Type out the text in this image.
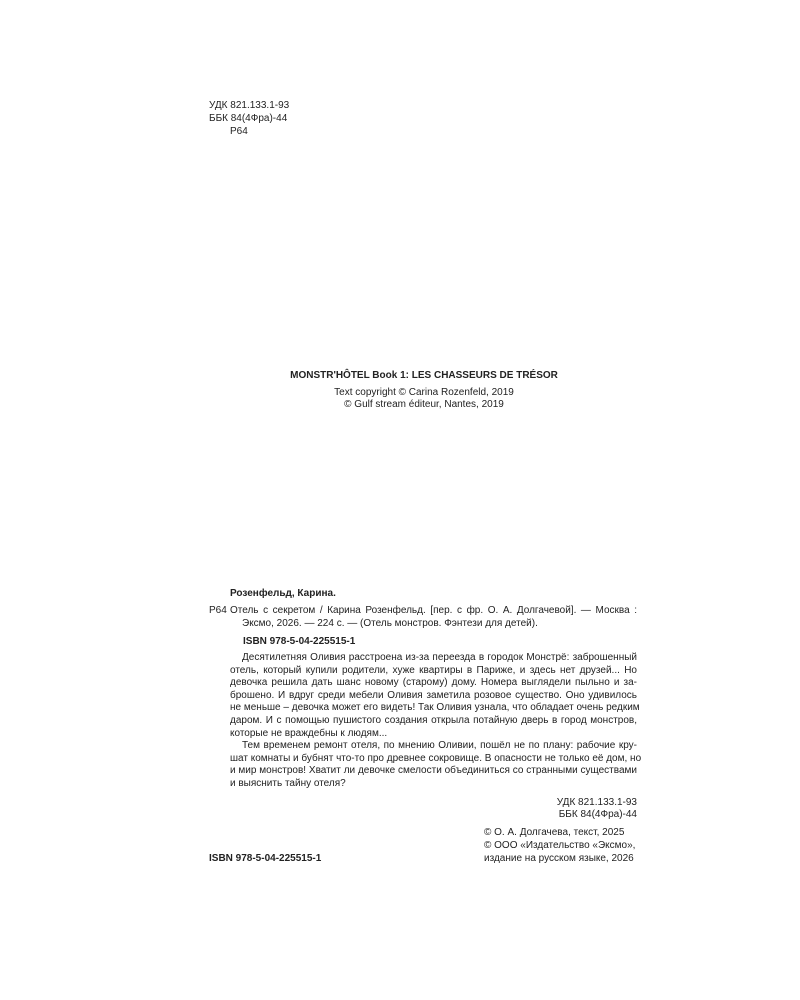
УДК 821.133.1-93
ББК 84(4Фра)-44
Р64
MONSTR'HÔTEL Book 1: LES CHASSEURS DE TRÉSOR
Text copyright © Carina Rozenfeld, 2019
© Gulf stream éditeur, Nantes, 2019
Розенфельд, Карина.
Р64 Отель с секретом / Карина Розенфельд. [пер. с фр. О. А. Долгачевой]. — Москва :
Эксмо, 2026. — 224 с. — (Отель монстров. Фэнтези для детей).
ISBN 978-5-04-225515-1
Десятилетняя Оливия расстроена из-за переезда в городок Монстрё: заброшенный
отель, который купили родители, хуже квартиры в Париже, и здесь нет друзей... Но
девочка решила дать шанс новому (старому) дому. Номера выглядели пыльно и за-
брошено. И вдруг среди мебели Оливия заметила розовое существо. Оно удивилось
не меньше – девочка может его видеть! Так Оливия узнала, что обладает очень редким
даром. И с помощью пушистого создания открыла потайную дверь в город монстров,
которые не враждебны к людям...
Тем временем ремонт отеля, по мнению Оливии, пошёл не по плану: рабочие кру-
шат комнаты и бубнят что-то про древнее сокровище. В опасности не только её дом, но
и мир монстров! Хватит ли девочке смелости объединиться со странными существами
и выяснить тайну отеля?
УДК 821.133.1-93
ББК 84(4Фра)-44
ISBN 978-5-04-225515-1
© О. А. Долгачева, текст, 2025
© ООО «Издательство «Эксмо»,
издание на русском языке, 2026
